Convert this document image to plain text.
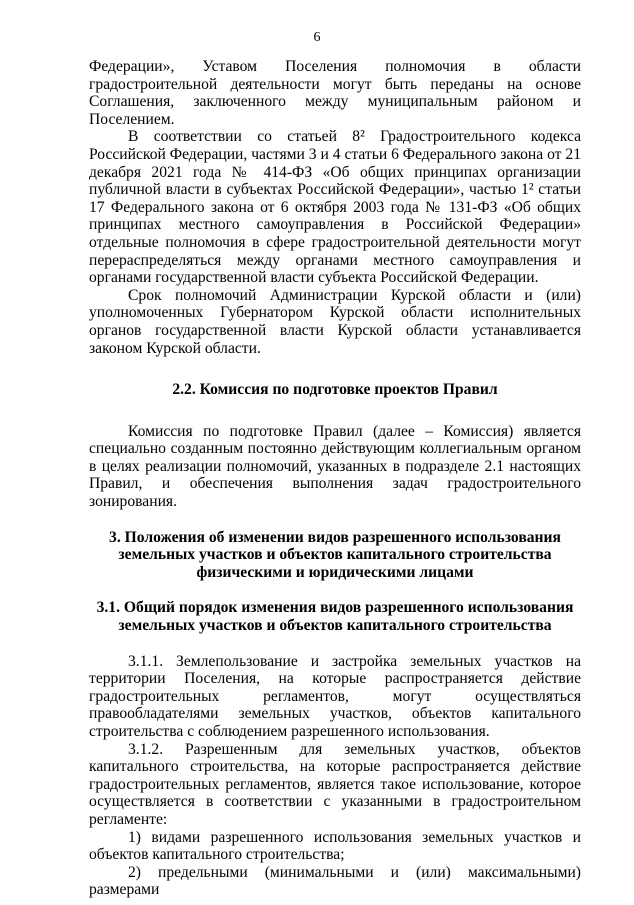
6

Федерации», Уставом Поселения полномочия в области градостроительной деятельности могут быть переданы на основе Соглашения, заключенного между муниципальным районом и Поселением.

В соответствии со статьей 8² Градостроительного кодекса Российской Федерации, частями 3 и 4 статьи 6 Федерального закона от 21 декабря 2021 года № 414-ФЗ «Об общих принципах организации публичной власти в субъектах Российской Федерации», частью 1² статьи 17 Федерального закона от 6 октября 2003 года № 131-ФЗ «Об общих принципах местного самоуправления в Российской Федерации» отдельные полномочия в сфере градостроительной деятельности могут перераспределяться между органами местного самоуправления и органами государственной власти субъекта Российской Федерации.

Срок полномочий Администрации Курской области и (или) уполномоченных Губернатором Курской области исполнительных органов государственной власти Курской области устанавливается законом Курской области.

2.2. Комиссия по подготовке проектов Правил

Комиссия по подготовке Правил (далее – Комиссия) является специально созданным постоянно действующим коллегиальным органом в целях реализации полномочий, указанных в подразделе 2.1 настоящих Правил, и обеспечения выполнения задач градостроительного зонирования.

3. Положения об изменении видов разрешенного использования земельных участков и объектов капитального строительства физическими и юридическими лицами
3.1. Общий порядок изменения видов разрешенного использования земельных участков и объектов капитального строительства

3.1.1. Землепользование и застройка земельных участков на территории Поселения, на которые распространяется действие градостроительных регламентов, могут осуществляться правообладателями земельных участков, объектов капитального строительства с соблюдением разрешенного использования.

3.1.2. Разрешенным для земельных участков, объектов капитального строительства, на которые распространяется действие градостроительных регламентов, является такое использование, которое осуществляется в соответствии с указанными в градостроительном регламенте:

1) видами разрешенного использования земельных участков и объектов капитального строительства;

2) предельными (минимальными и (или) максимальными) размерами
